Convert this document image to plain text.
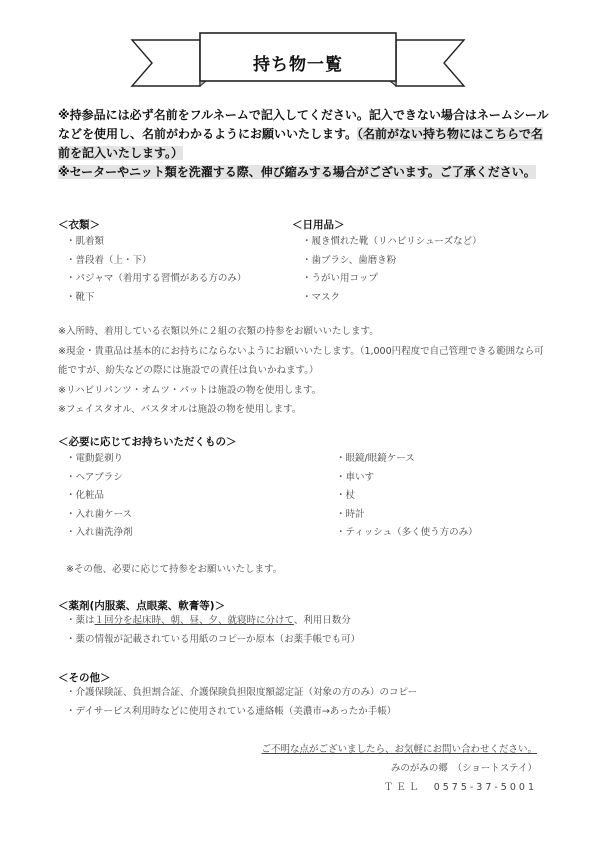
持ち物一覧

※持参品には必ず名前をフルネームで記入してください。記入できない場合はネームシールなどを使用し、名前がわかるようにお願いいたします。（名前がない持ち物にはこちらで名前を記入いたします。）

※セーターやニット類を洗濯する際、伸び縮みする場合がございます。ご了承ください。

＜衣類＞
・ 肌着類
・ 普段着（上・下）
・ パジャマ（着用する習慣がある方のみ）
・ 靴下
＜日用品＞
・ 履き慣れた靴（リハビリシューズなど）
・ 歯ブラシ、歯磨き粉
・ うがい用コップ
・ マスク

※入所時、着用している衣類以外に２組の衣類の持参をお願いいたします。

※現金・貴重品は基本的にお持ちにならないようにお願いいたします。（1,000円程度で自己管理できる範囲なら可能ですが、紛失などの際には施設での責任は負いかねます。）

※リハビリパンツ・オムツ・パットは施設の物を使用します。

※フェイスタオル、バスタオルは施設の物を使用します。

＜必要に応じてお持ちいただくもの＞
・ 電動髭剃り
・ ヘアブラシ
・ 化粧品
・ 入れ歯ケース
・ 入れ歯洗浄剤
・ 眼鏡/眼鏡ケース
・ 車いす
・ 杖
・ 時計
・ ティッシュ（多く使う方のみ）
※その他、必要に応じて持参をお願いいたします。
＜薬剤(内服薬、点眼薬、軟膏等)＞
・ 薬は１回分を起床時、朝、昼、夕、就寝時に分けて、利用日数分
・ 薬の情報が記載されている用紙のコピーか原本（お薬手帳でも可）
＜その他＞
・ 介護保険証、負担割合証、介護保険負担限度額認定証（対象の方のみ）のコピー
・ デイサービス利用時などに使用されている連絡帳（美濃市→あったか手帳）
ご不明な点がございましたら、お気軽にお問い合わせください。
みのがみの郷　（ショートステイ）
ＴＥＬ　0575-37-5001
